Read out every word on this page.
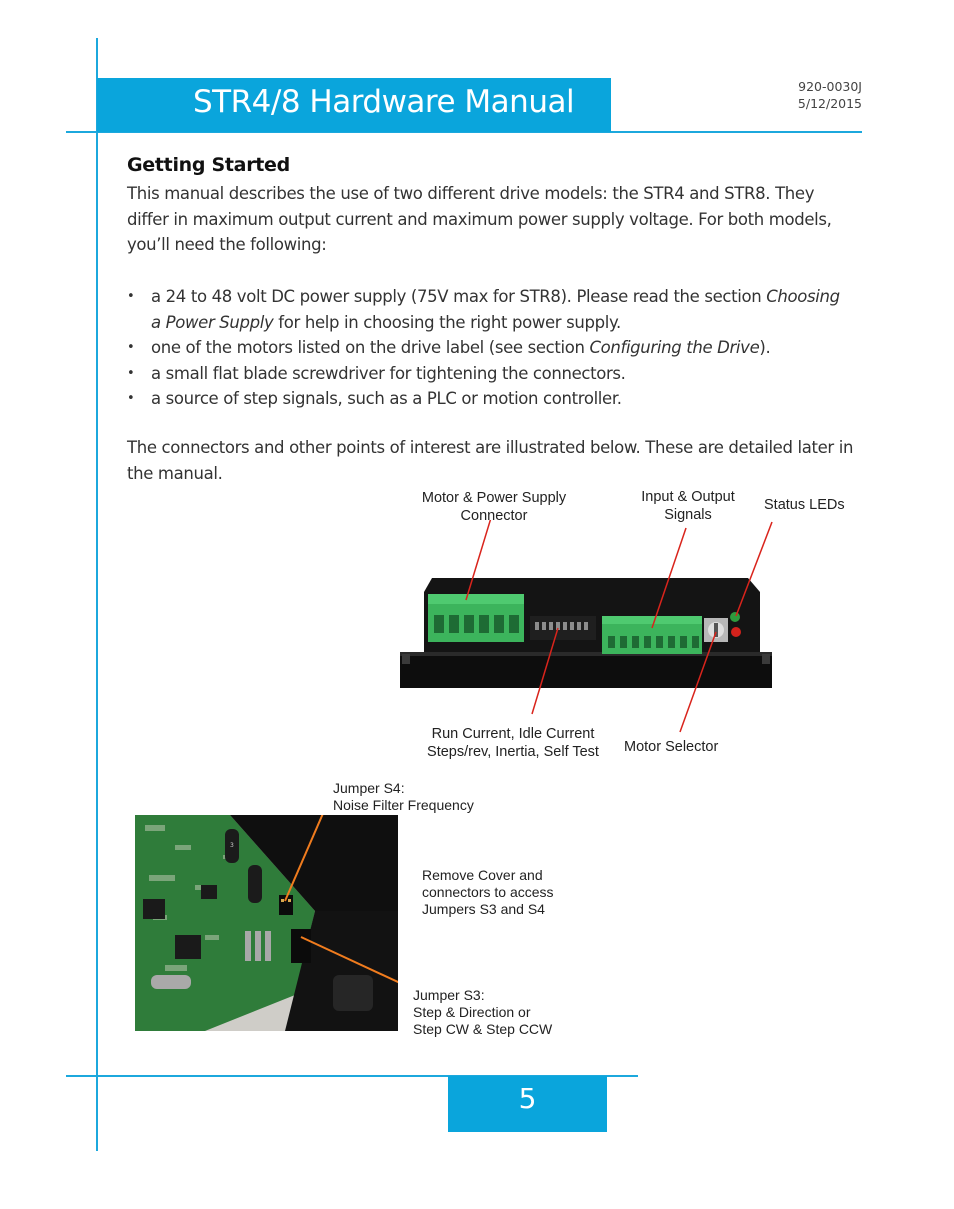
STR4/8 Hardware Manual	920-0030J
5/12/2015
Getting Started
This manual describes the use of two different drive models: the STR4 and STR8. They differ in maximum output current and maximum power supply voltage. For both models, you’ll need the following:
• a 24 to 48 volt DC power supply (75V max for STR8). Please read the section Choosing a Power Supply for help in choosing the right power supply.
• one of the motors listed on the drive label (see section Configuring the Drive).
• a small flat blade screwdriver for tightening the connectors.
• a source of step signals, such as a PLC or motion controller.
The connectors and other points of interest are illustrated below. These are detailed later in the manual.
Motor & Power Supply
Connector
Input & Output
Signals
Status LEDs
Run Current, Idle Current
Steps/rev, Inertia, Self Test	Motor Selector
Jumper S4:
Noise Filter Frequency
Remove Cover and
connectors to access
Jumpers S3 and S4
Jumper S3:
Step & Direction or
Step CW & Step CCW
3
5
